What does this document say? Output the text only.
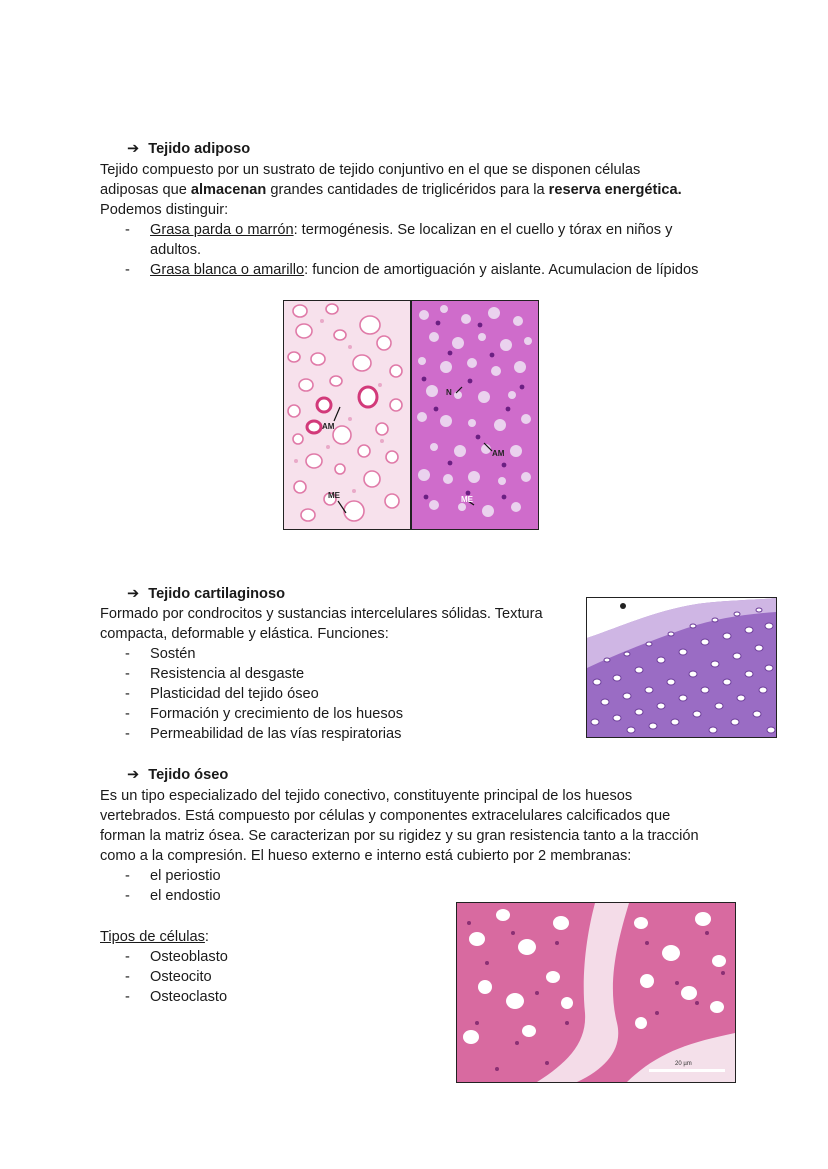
➔ Tejido adiposo
Tejido compuesto por un sustrato de tejido conjuntivo en el que se disponen células
adiposas que almacenan grandes cantidades de triglicéridos para la reserva energética.
Podemos distinguir:
- Grasa parda o marrón: termogénesis. Se localizan en el cuello y tórax en niños y
adultos.
- Grasa blanca o amarillo: funcion de amortiguación y aislante. Acumulacion de lípidos
AM
ME
N
AM
ME
➔ Tejido cartilaginoso
Formado por condrocitos y sustancias intercelulares sólidas. Textura
compacta, deformable y elástica. Funciones:
- Sostén
- Resistencia al desgaste
- Plasticidad del tejido óseo
- Formación y crecimiento de los huesos
- Permeabilidad de las vías respiratorias
➔ Tejido óseo
Es un tipo especializado del tejido conectivo, constituyente principal de los huesos
vertebrados. Está compuesto por células y componentes extracelulares calcificados que
forman la matriz ósea. Se caracterizan por su rigidez y su gran resistencia tanto a la tracción
como a la compresión. El hueso externo e interno está cubierto por 2 membranas:
- el periostio
- el endostio
Tipos de células:
- Osteoblasto
- Osteocito
- Osteoclasto
20 µm
